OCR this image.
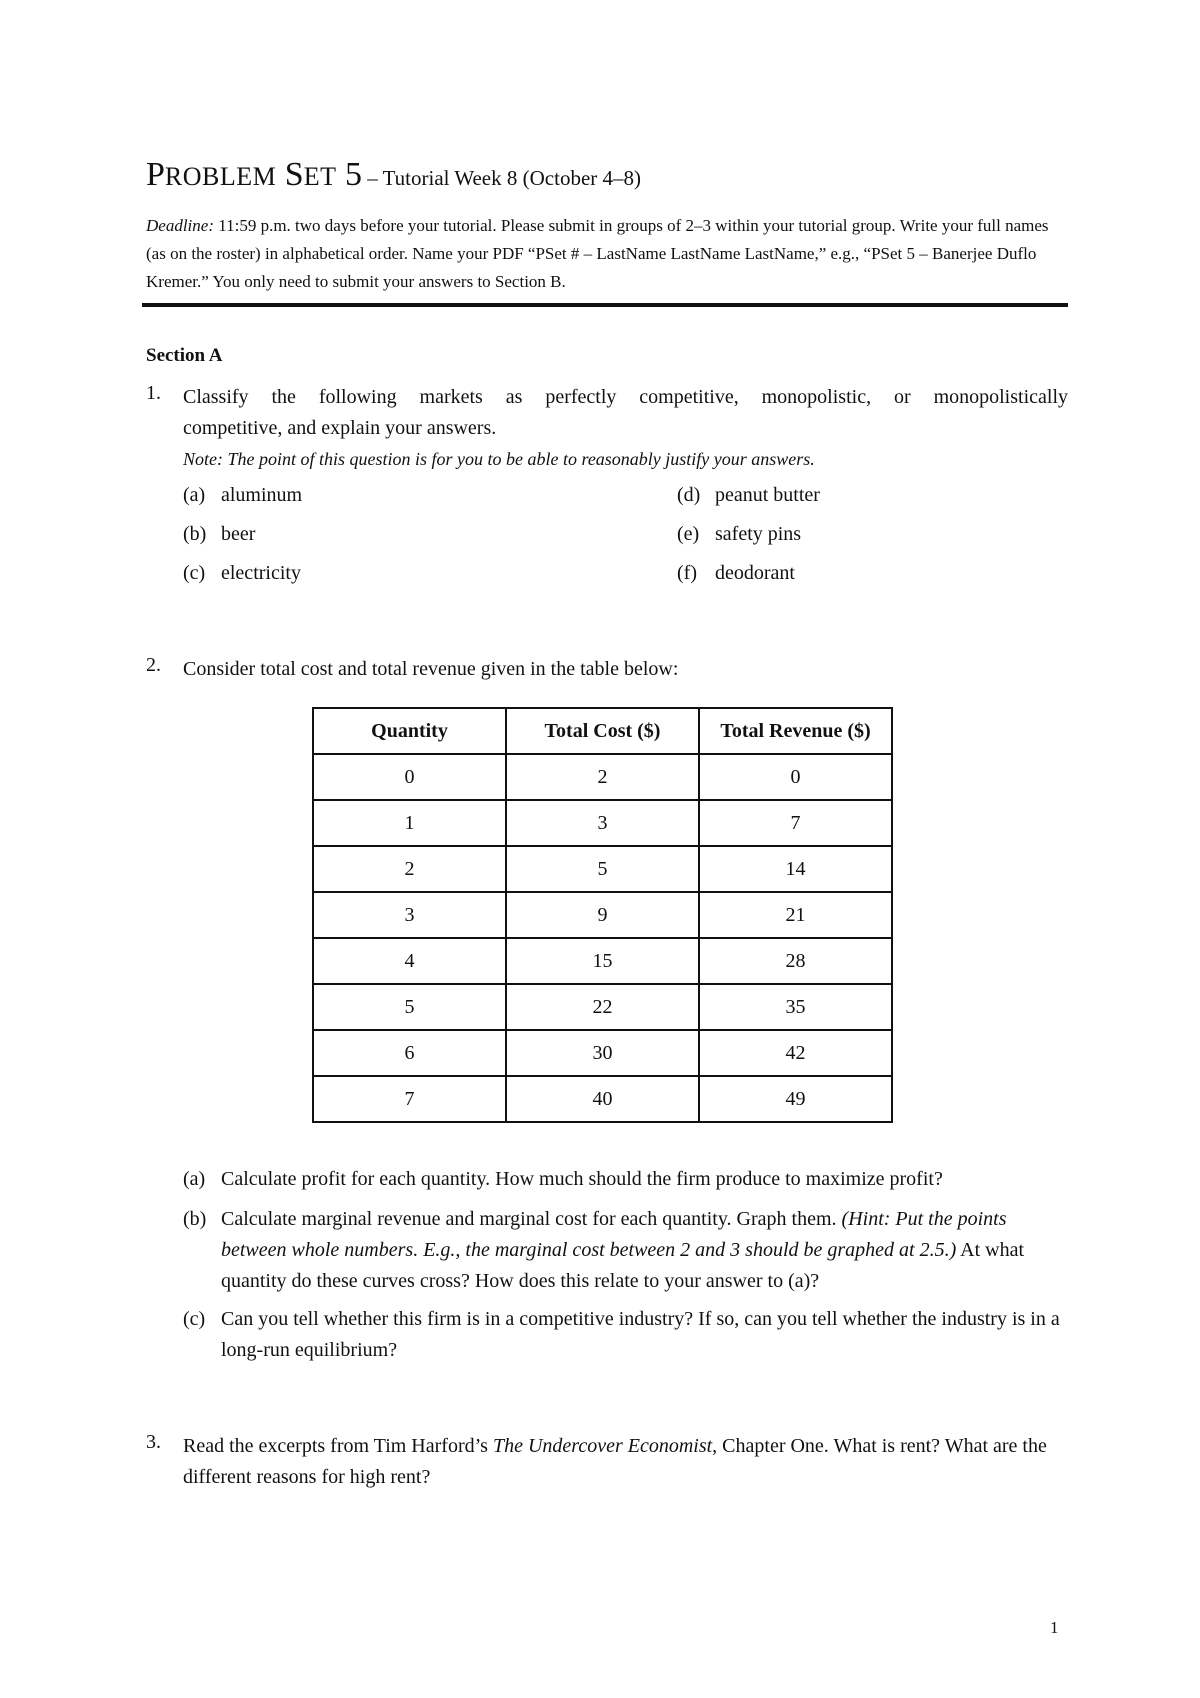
PROBLEM SET 5 – Tutorial Week 8 (October 4–8)
Deadline: 11:59 p.m. two days before your tutorial. Please submit in groups of 2–3 within your tutorial group. Write your full names (as on the roster) in alphabetical order. Name your PDF “PSet # – LastName LastName LastName,” e.g., “PSet 5 – Banerjee Duflo Kremer.” You only need to submit your answers to Section B.
Section A
1. Classify the following markets as perfectly competitive, monopolistic, or monopolistically
competitive, and explain your answers.
Note: The point of this question is for you to be able to reasonably justify your answers.
(a) aluminum
(b) beer
(c) electricity
(d) peanut butter
(e) safety pins
(f) deodorant
2. Consider total cost and total revenue given in the table below:
Quantity	Total Cost ($)	Total Revenue ($)
0	2	0
1	3	7
2	5	14
3	9	21
4	15	28
5	22	35
6	30	42
7	40	49
(a) Calculate profit for each quantity. How much should the firm produce to maximize profit?
(b) Calculate marginal revenue and marginal cost for each quantity. Graph them. (Hint: Put the points between whole numbers. E.g., the marginal cost between 2 and 3 should be graphed at 2.5.) At what quantity do these curves cross? How does this relate to your answer to (a)?
(c) Can you tell whether this firm is in a competitive industry? If so, can you tell whether the industry is in a long-run equilibrium?
3. Read the excerpts from Tim Harford’s The Undercover Economist, Chapter One. What is rent? What are the different reasons for high rent?
1
